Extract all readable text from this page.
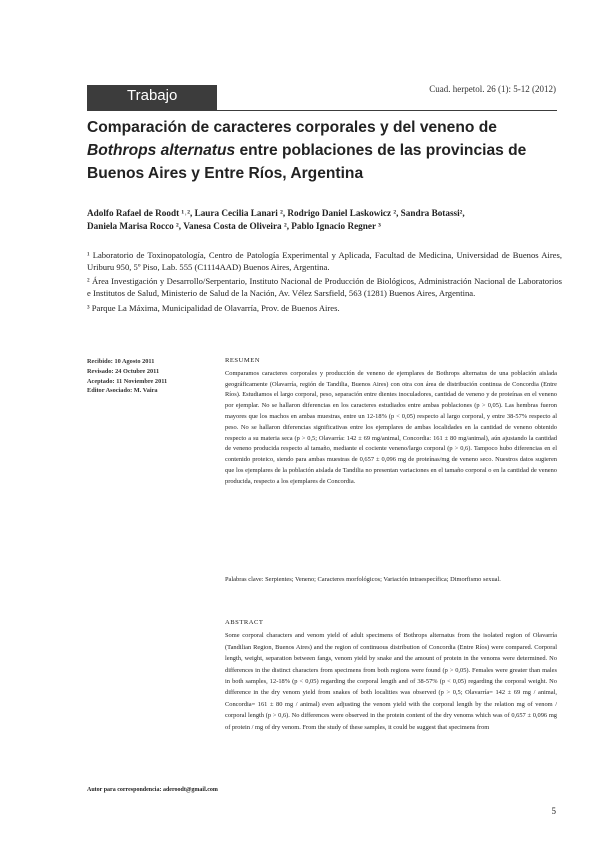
Trabajo	Cuad. herpetol. 26 (1): 5-12 (2012)
Comparación de caracteres corporales y del veneno de
Bothrops alternatus entre poblaciones de las provincias de
Buenos Aires y Entre Ríos, Argentina
Adolfo Rafael de Roodt ¹˒², Laura Cecilia Lanari ², Rodrigo Daniel Laskowicz ², Sandra Botassi²,
Daniela Marisa Rocco ², Vanesa Costa de Oliveira ², Pablo Ignacio Regner ³

¹ Laboratorio de Toxinopatología, Centro de Patología Experimental y Aplicada, Facultad de Medicina, Universidad de Buenos Aires, Uriburu 950, 5º Piso, Lab. 555 (C1114AAD) Buenos Aires, Argentina.

² Área Investigación y Desarrollo/Serpentario, Instituto Nacional de Producción de Biológicos, Administración Nacional de Laboratorios e Institutos de Salud, Ministerio de Salud de la Nación, Av. Vélez Sarsfield, 563 (1281) Buenos Aires, Argentina.

³ Parque La Máxima, Municipalidad de Olavarría, Prov. de Buenos Aires.

Recibido: 10 Agosto 2011
Revisado: 24 Octubre 2011
Aceptado: 11 Noviembre 2011
Editor Asociado: M. Vaira

RESUMEN

Comparamos caracteres corporales y producción de veneno de ejemplares de Bothrops alternatus de una población aislada geográficamente (Olavarría, región de Tandilia, Buenos Aires) con otra con área de distribución continua de Concordia (Entre Ríos). Estudiamos el largo corporal, peso, separación entre dientes inoculadores, cantidad de veneno y de proteínas en el veneno por ejemplar. No se hallaron diferencias en los caracteres estudiados entre ambas poblaciones (p > 0,05). Las hembras fueron mayores que los machos en ambas muestras, entre un 12-18% (p < 0,05) respecto al largo corporal, y entre 38-57% respecto al peso. No se hallaron diferencias significativas entre los ejemplares de ambas localidades en la cantidad de veneno obtenido respecto a su materia seca (p > 0,5; Olavarría: 142 ± 69 mg/animal, Concordia: 161 ± 80 mg/animal), aún ajustando la cantidad de veneno producida respecto al tamaño, mediante el cociente veneno/largo corporal (p > 0,6). Tampoco hubo diferencias en el contenido proteico, siendo para ambas muestras de 0,657 ± 0,096 mg de proteínas/mg de veneno seco. Nuestros datos sugieren que los ejemplares de la población aislada de Tandilia no presentan variaciones en el tamaño corporal o en la cantidad de veneno producida, respecto a los ejemplares de Concordia.

Palabras clave: Serpientes; Veneno; Caracteres morfológicos; Variación intraespecífica; Dimorfismo sexual.

ABSTRACT

Some corporal characters and venom yield of adult specimens of Bothrops alternatus from the isolated region of Olavarría (Tandilian Region, Buenos Aires) and the region of continuous distribution of Concordia (Entre Ríos) were compared. Corporal length, weight, separation between fangs, venom yield by snake and the amount of protein in the venoms were determined. No differences in the distinct characters from specimens from both regions were found (p > 0,05). Females were greater than males in both samples, 12-18% (p < 0,05) regarding the corporal length and of 38-57% (p < 0,05) regarding the corporal weight. No difference in the dry venom yield from snakes of both localities was observed (p > 0,5; Olavarría= 142 ± 69 mg / animal, Concordia= 161 ± 80 mg / animal) even adjusting the venom yield with the corporal length by the relation mg of venom / corporal length (p > 0,6). No differences were observed in the protein content of the dry venoms which was of 0,657 ± 0,096 mg of protein / mg of dry venom. From the study of these samples, it could be suggest that specimens from

Autor para correspondencia: aderoodt@gmail.com
5
